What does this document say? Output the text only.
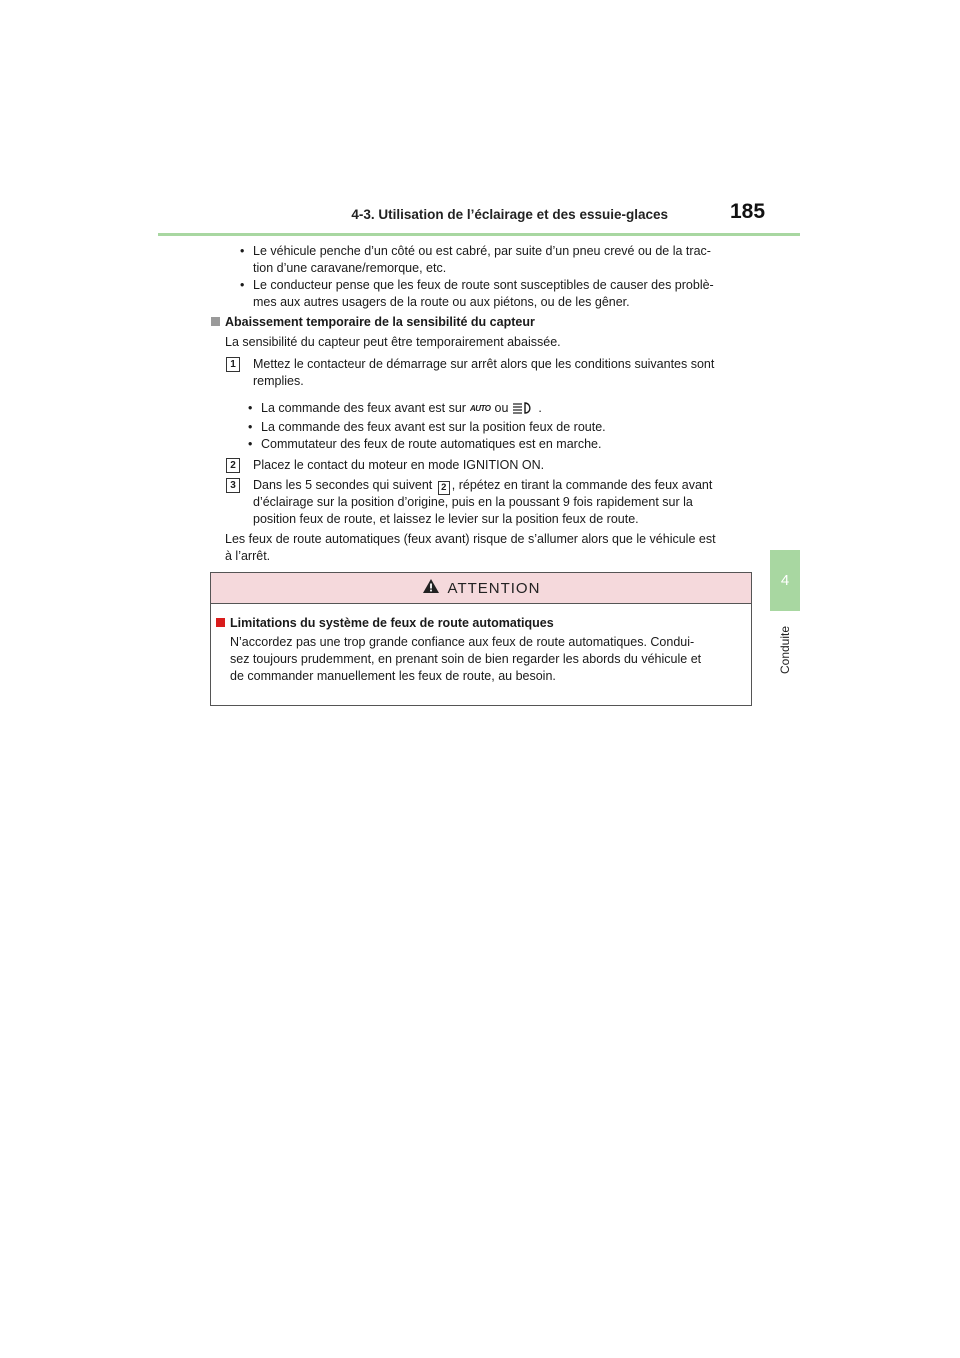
4-3. Utilisation de l’éclairage et des essuie-glaces	185
4
Conduite
• Le véhicule penche d’un côté ou est cabré, par suite d’un pneu crevé ou de la trac-
tion d’une caravane/remorque, etc.
• Le conducteur pense que les feux de route sont susceptibles de causer des problè-
mes aux autres usagers de la route ou aux piétons, ou de les gêner.
Abaissement temporaire de la sensibilité du capteur
La sensibilité du capteur peut être temporairement abaissée.
1	Mettez le contacteur de démarrage sur arrêt alors que les conditions suivantes sont
remplies.
• La commande des feux avant est sur AUTO ou .
• La commande des feux avant est sur la position feux de route.
• Commutateur des feux de route automatiques est en marche.
2	Placez le contact du moteur en mode IGNITION ON.
3	Dans les 5 secondes qui suivent 2 , répétez en tirant la commande des feux avant
d’éclairage sur la position d’origine, puis en la poussant 9 fois rapidement sur la
position feux de route, et laissez le levier sur la position feux de route.
Les feux de route automatiques (feux avant) risque de s’allumer alors que le véhicule est
à l’arrêt.
ATTENTION
Limitations du système de feux de route automatiques
N’accordez pas une trop grande confiance aux feux de route automatiques. Condui-
sez toujours prudemment, en prenant soin de bien regarder les abords du véhicule et
de commander manuellement les feux de route, au besoin.
